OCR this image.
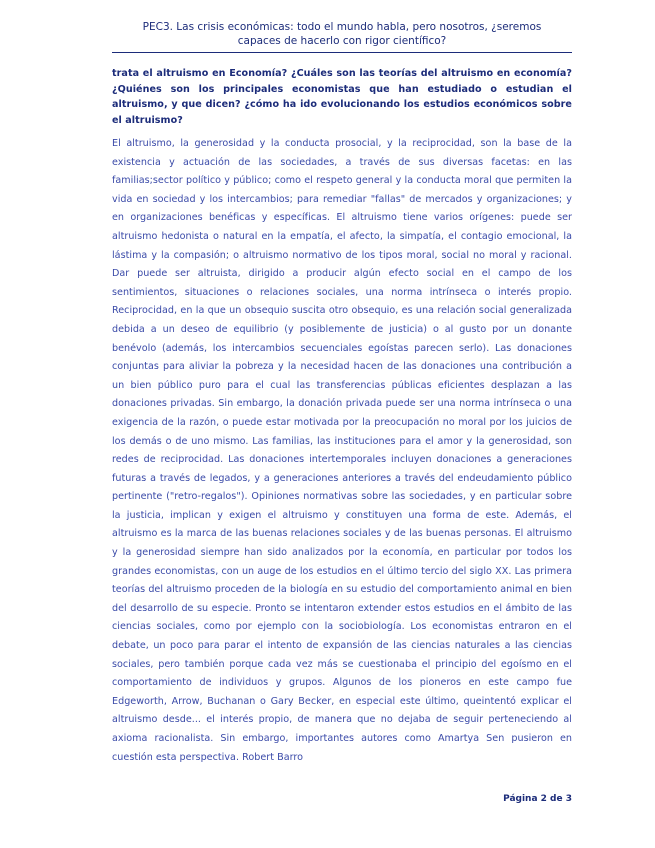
PEC3. Las crisis económicas: todo el mundo habla, pero nosotros, ¿seremos
capaces de hacerlo con rigor científico?
trata el altruismo en Economía? ¿Cuáles son las teorías del altruismo en economía? ¿Quiénes son los principales economistas que han estudiado o estudian el altruismo, y que dicen? ¿cómo ha ido evolucionando los estudios económicos sobre el altruismo?
El altruismo, la generosidad y la conducta prosocial, y la reciprocidad, son la base de la existencia y actuación de las sociedades, a través de sus diversas facetas: en las familias;sector político y público; como el respeto general y la conducta moral que permiten la vida en sociedad y los intercambios; para remediar "fallas" de mercados y organizaciones; y en organizaciones benéficas y específicas. El altruismo tiene varios orígenes: puede ser altruismo hedonista o natural en la empatía, el afecto, la simpatía, el contagio emocional, la lástima y la compasión; o altruismo normativo de los tipos moral, social no moral y racional. Dar puede ser altruista, dirigido a producir algún efecto social en el campo de los sentimientos, situaciones o relaciones sociales, una norma intrínseca o interés propio. Reciprocidad, en la que un obsequio suscita otro obsequio, es una relación social generalizada debida a un deseo de equilibrio (y posiblemente de justicia) o al gusto por un donante benévolo (además, los intercambios secuenciales egoístas parecen serlo). Las donaciones conjuntas para aliviar la pobreza y la necesidad hacen de las donaciones una contribución a un bien público puro para el cual las transferencias públicas eficientes desplazan a las donaciones privadas. Sin embargo, la donación privada puede ser una norma intrínseca o una exigencia de la razón, o puede estar motivada por la preocupación no moral por los juicios de los demás o de uno mismo. Las familias, las instituciones para el amor y la generosidad, son redes de reciprocidad. Las donaciones intertemporales incluyen donaciones a generaciones futuras a través de legados, y a generaciones anteriores a través del endeudamiento público pertinente ("retro-regalos"). Opiniones normativas sobre las sociedades, y en particular sobre la justicia, implican y exigen el altruismo y constituyen una forma de este. Además, el altruismo es la marca de las buenas relaciones sociales y de las buenas personas. El altruismo y la generosidad siempre han sido analizados por la economía, en particular por todos los grandes economistas, con un auge de los estudios en el último tercio del siglo XX. Las primera teorías del altruismo proceden de la biología en su estudio del comportamiento animal en bien del desarrollo de su especie. Pronto se intentaron extender estos estudios en el ámbito de las ciencias sociales, como por ejemplo con la sociobiología. Los economistas entraron en el debate, un poco para parar el intento de expansión de las ciencias naturales a las ciencias sociales, pero también porque cada vez más se cuestionaba el principio del egoísmo en el comportamiento de individuos y grupos. Algunos de los pioneros en este campo fue Edgeworth, Arrow, Buchanan o Gary Becker, en especial este último, queintentó explicar el altruismo desde... el interés propio, de manera que no dejaba de seguir perteneciendo al axioma racionalista. Sin embargo, importantes autores como Amartya Sen pusieron en cuestión esta perspectiva. Robert Barro
Página 2 de 3
